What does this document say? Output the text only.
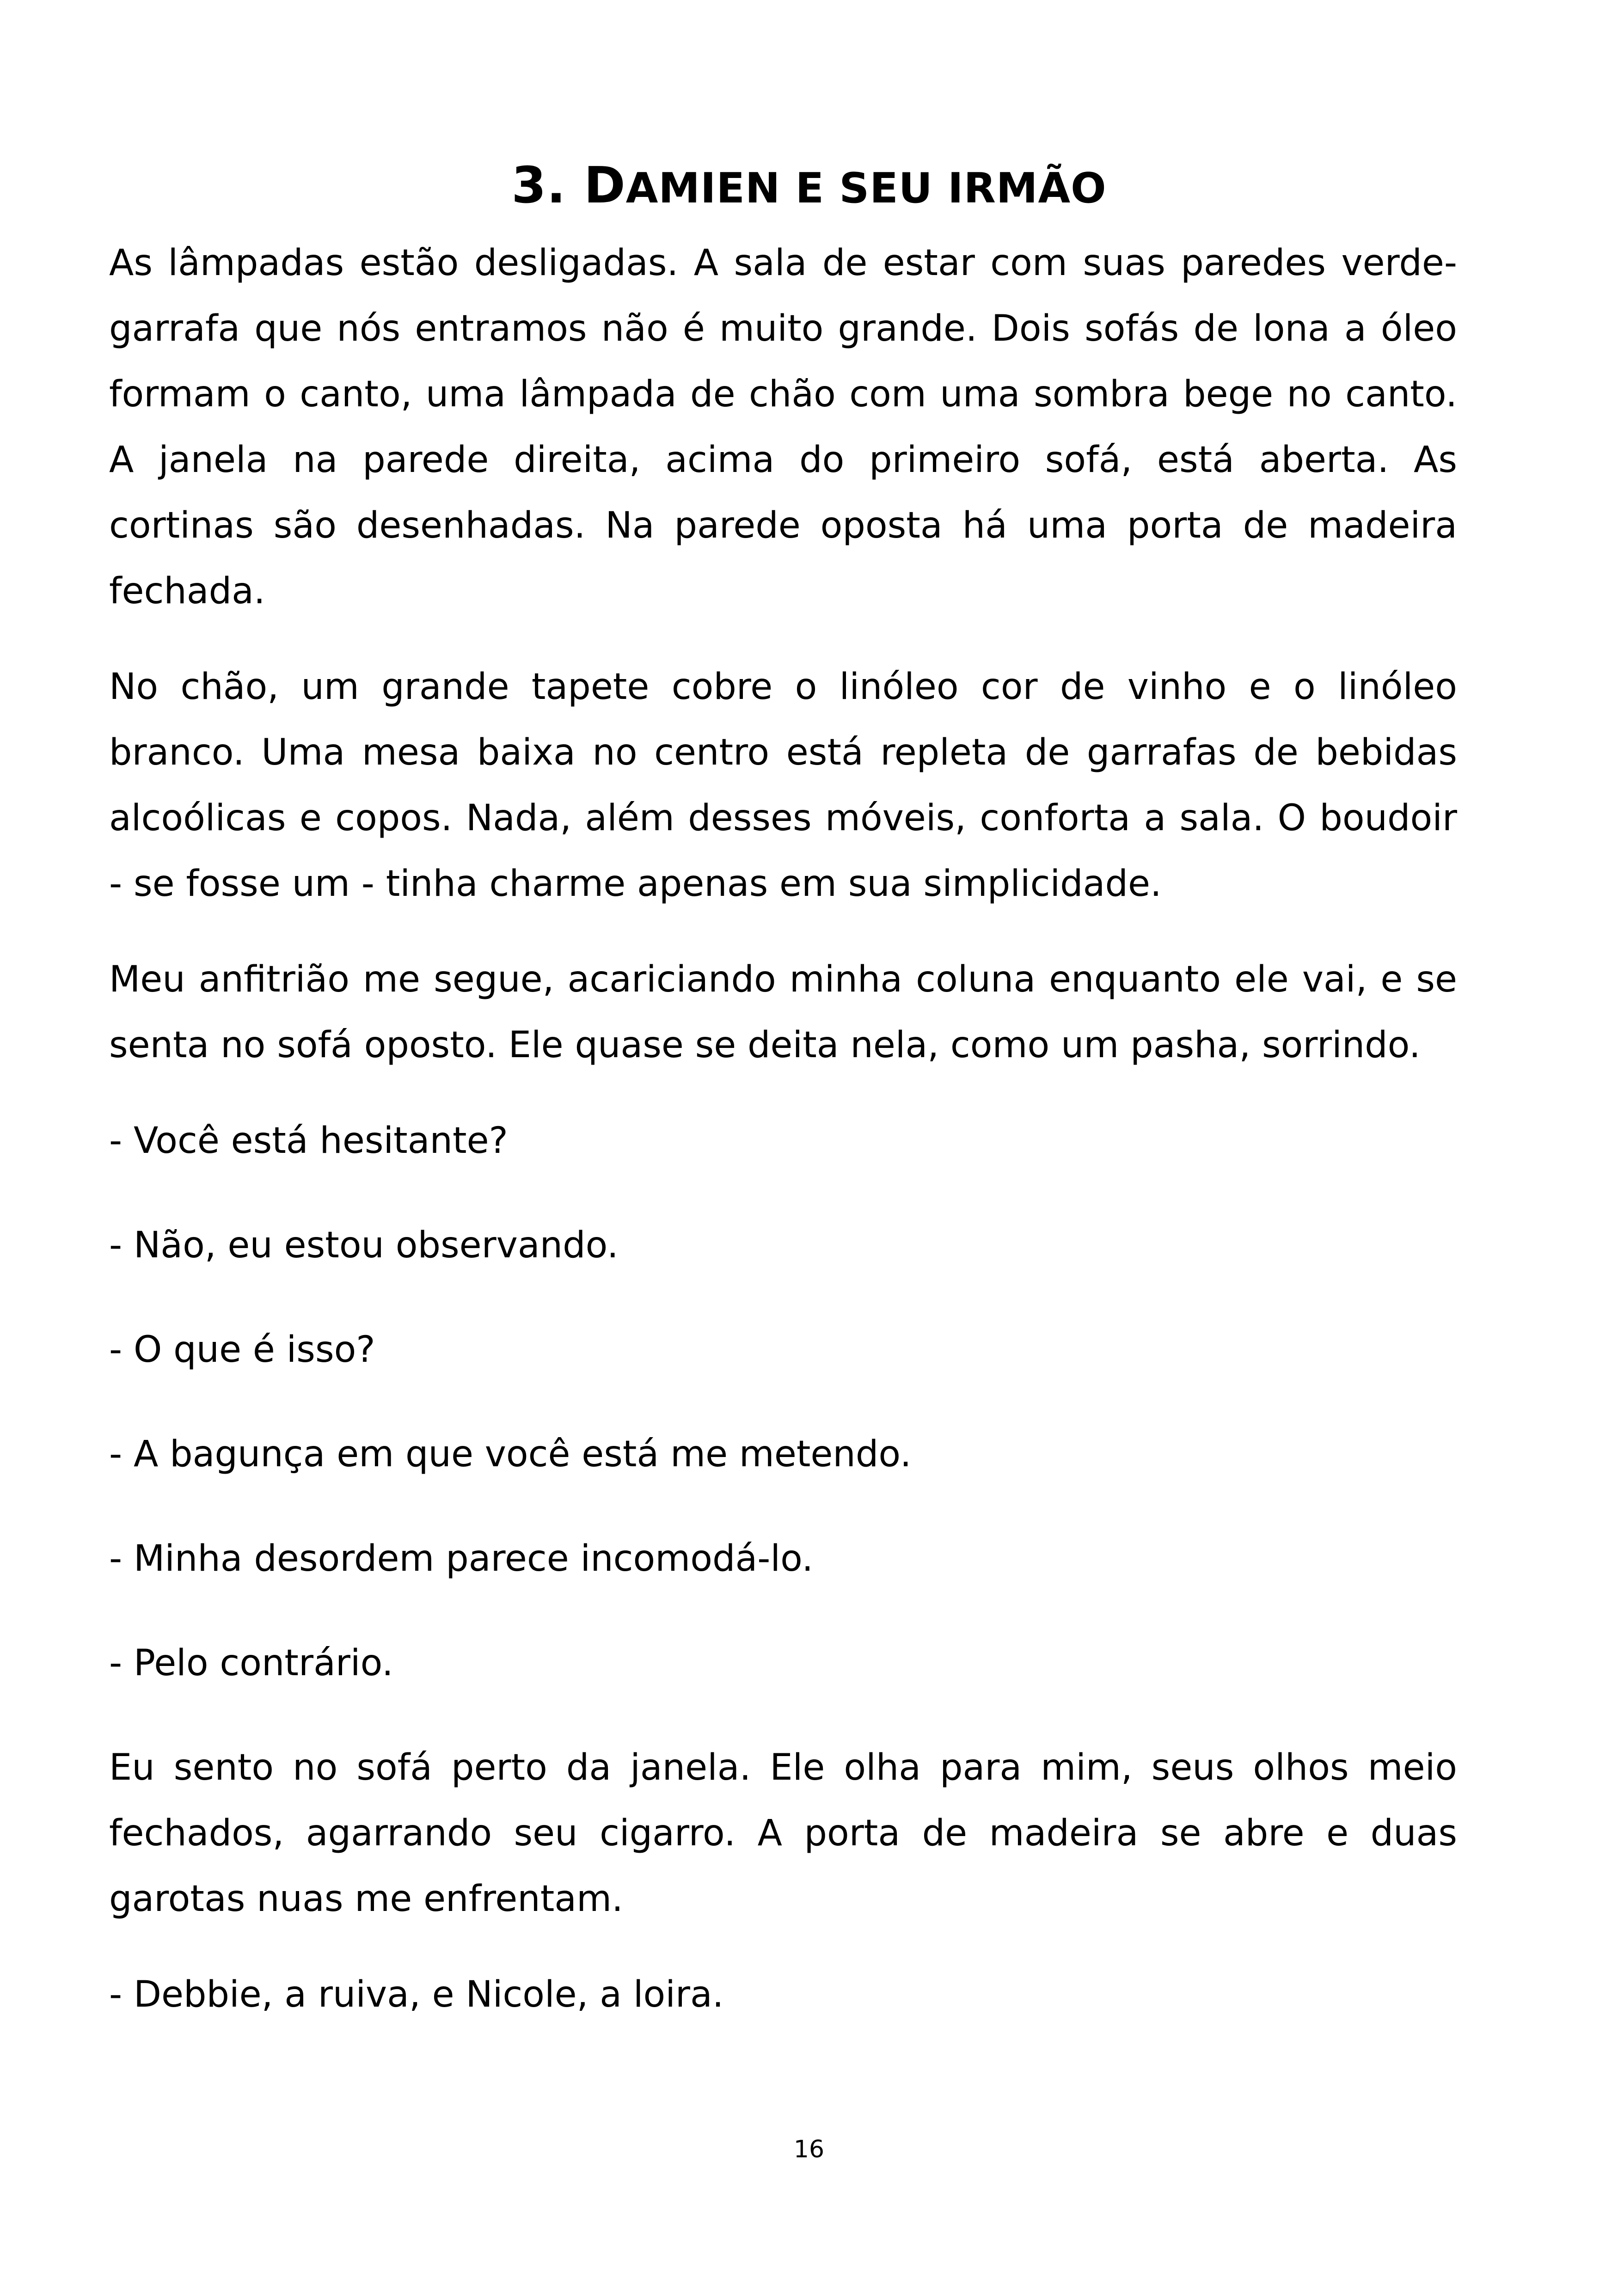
3. DAMIEN E SEU IRMÃO

As lâmpadas estão desligadas. A sala de estar com suas paredes verde-garrafa que nós entramos não é muito grande. Dois sofás de lona a óleo formam o canto, uma lâmpada de chão com uma sombra bege no canto. A janela na parede direita, acima do primeiro sofá, está aberta. As cortinas são desenhadas. Na parede oposta há uma porta de madeira fechada.

No chão, um grande tapete cobre o linóleo cor de vinho e o linóleo branco. Uma mesa baixa no centro está repleta de garrafas de bebidas alcoólicas e copos. Nada, além desses móveis, conforta a sala. O boudoir - se fosse um - tinha charme apenas em sua simplicidade.

Meu anfitrião me segue, acariciando minha coluna enquanto ele vai, e se senta no sofá oposto. Ele quase se deita nela, como um pasha, sorrindo.

- Você está hesitante?

- Não, eu estou observando.

- O que é isso?

- A bagunça em que você está me metendo.

- Minha desordem parece incomodá-lo.

- Pelo contrário.

Eu sento no sofá perto da janela. Ele olha para mim, seus olhos meio fechados, agarrando seu cigarro. A porta de madeira se abre e duas garotas nuas me enfrentam.

- Debbie, a ruiva, e Nicole, a loira.

16
